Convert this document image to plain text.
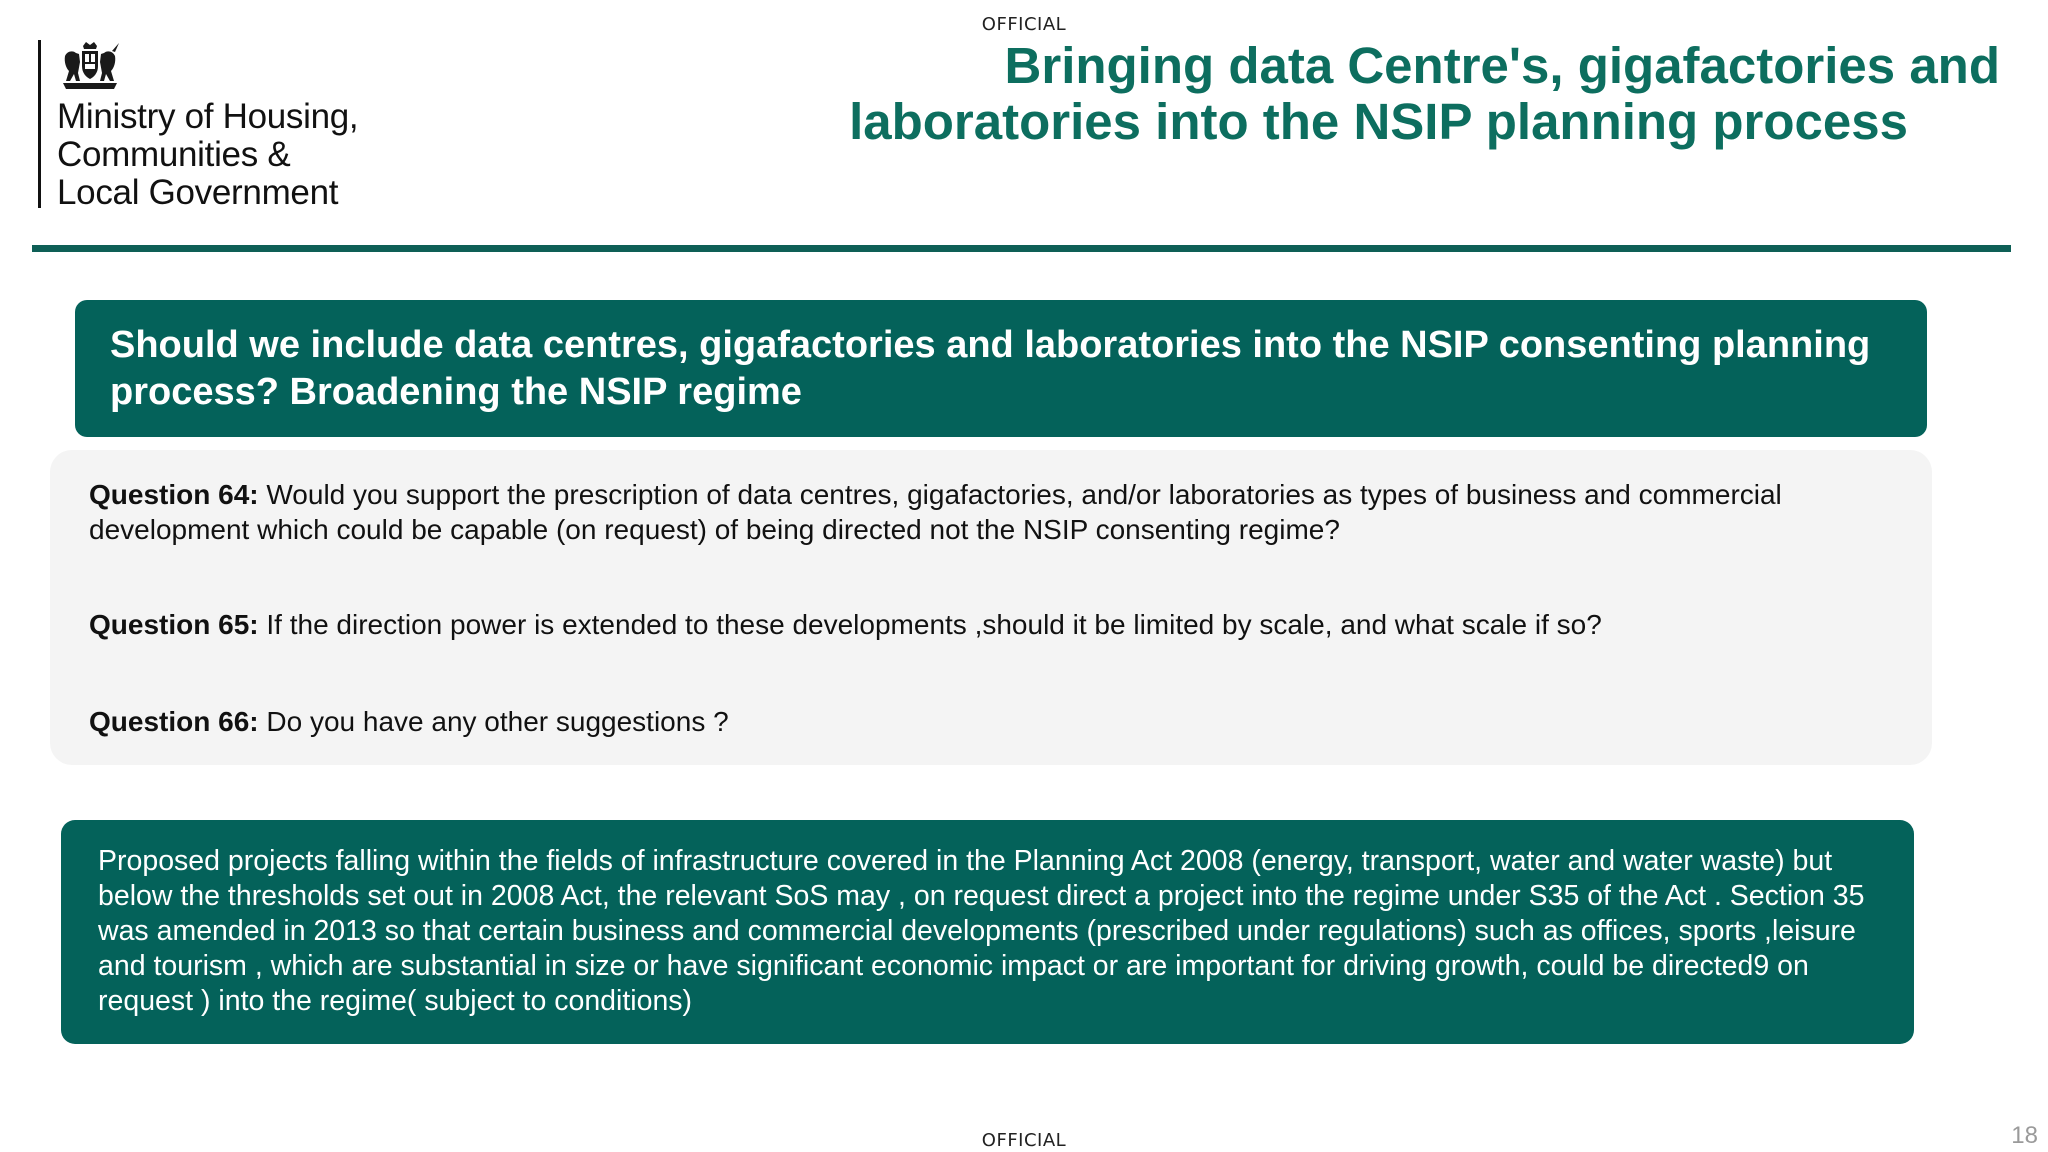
OFFICIAL
Ministry of Housing,
Communities &
Local Government
Bringing data Centre's, gigafactories and
laboratories into the NSIP planning process
Should we include data centres, gigafactories and laboratories into the NSIP consenting planning process? Broadening the NSIP regime
Question 64: Would you support the prescription of data centres, gigafactories, and/or laboratories as types of business and commercial development which could be capable (on request) of being directed not the NSIP consenting regime?
Question 65: If the direction power is extended to these developments ,should it be limited by scale, and what scale if so?
Question 66: Do you have any other suggestions ?
Proposed projects falling within the fields of infrastructure covered in the Planning Act 2008 (energy, transport, water and water waste) but below the thresholds set out in 2008 Act, the relevant SoS may , on request direct a project into the regime under S35 of the Act . Section 35 was amended in 2013 so that certain business and commercial developments (prescribed under regulations) such as offices, sports ,leisure and tourism , which are substantial in size or have significant economic impact or are important for driving growth, could be directed9 on request ) into the regime( subject to conditions)
OFFICIAL	18
